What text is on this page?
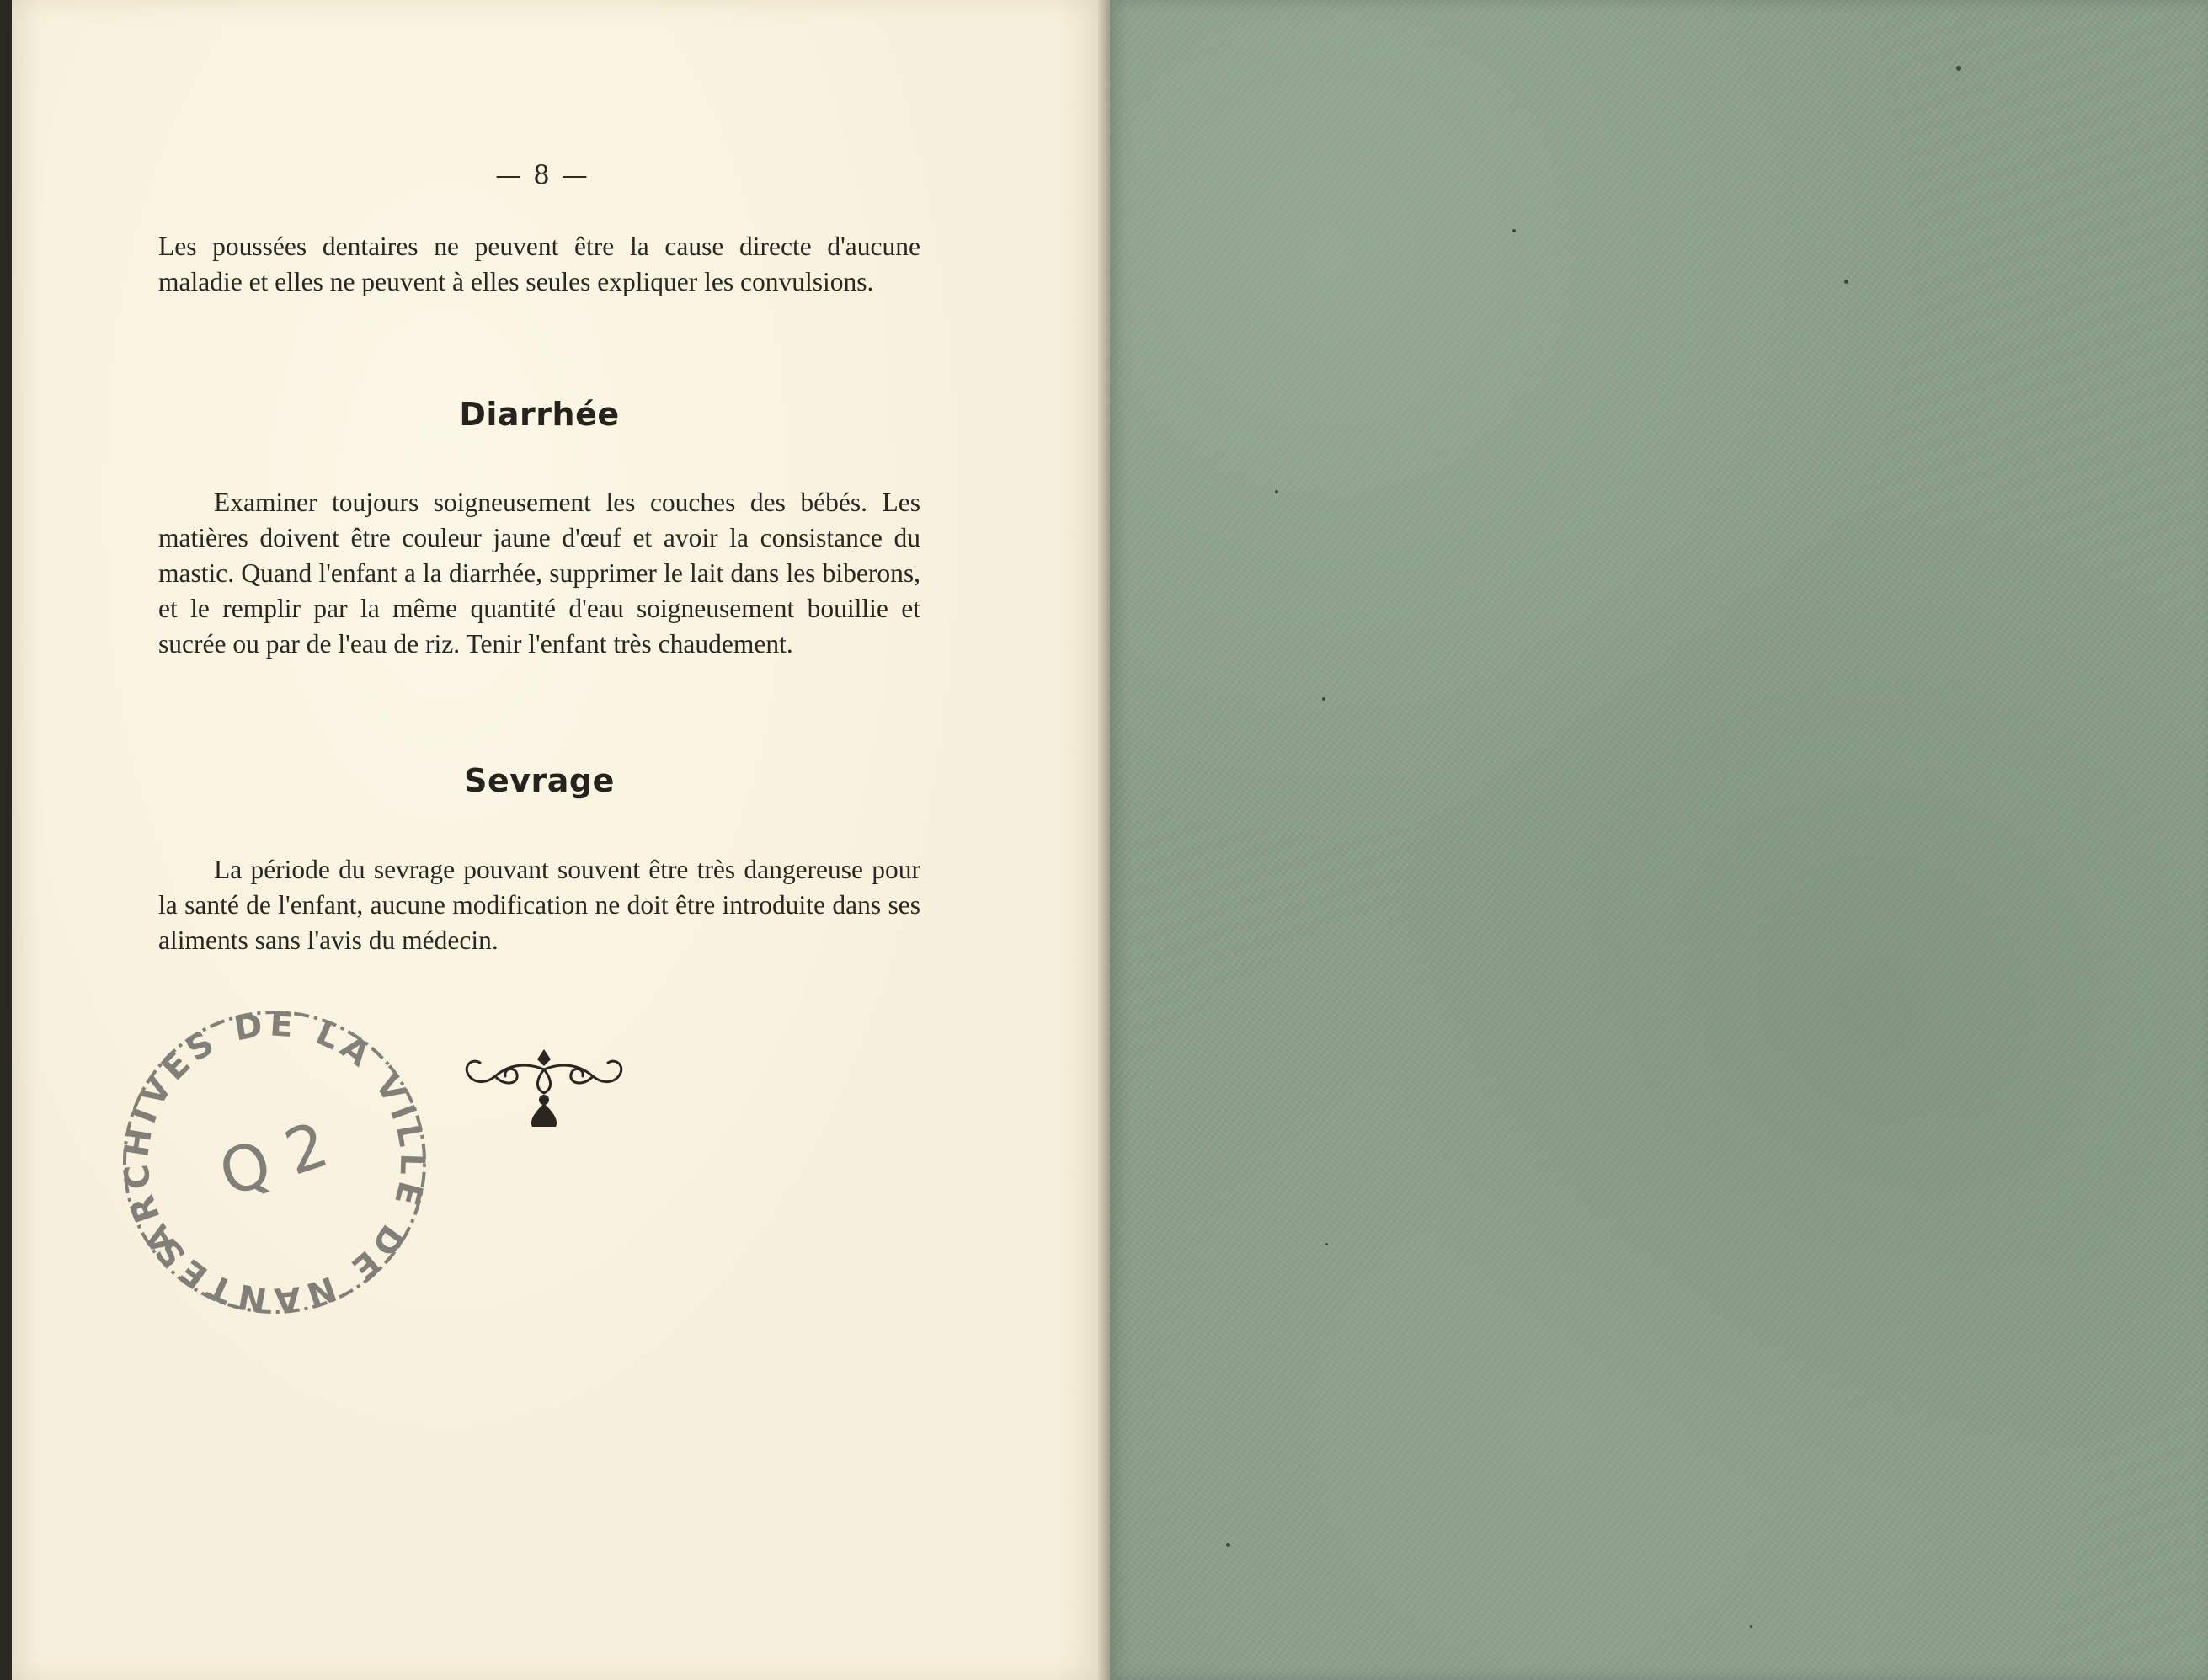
— 8 —

Les poussées dentaires ne peuvent être la cause directe d'aucune maladie et elles ne peuvent à elles seules expliquer les convulsions.

Diarrhée

Examiner toujours soigneusement les couches des bébés. Les matières doivent être couleur jaune d'œuf et avoir la consistance du mastic. Quand l'enfant a la diarrhée, supprimer le lait dans les biberons, et le remplir par la même quantité d'eau soigneusement bouillie et sucrée ou par de l'eau de riz. Tenir l'enfant très chaudement.

Sevrage

La période du sevrage pouvant souvent être très dangereuse pour la santé de l'enfant, aucune modification ne doit être introduite dans ses aliments sans l'avis du médecin.

ARCHIVES DE LA VILLE DE NANTES
Q 2
